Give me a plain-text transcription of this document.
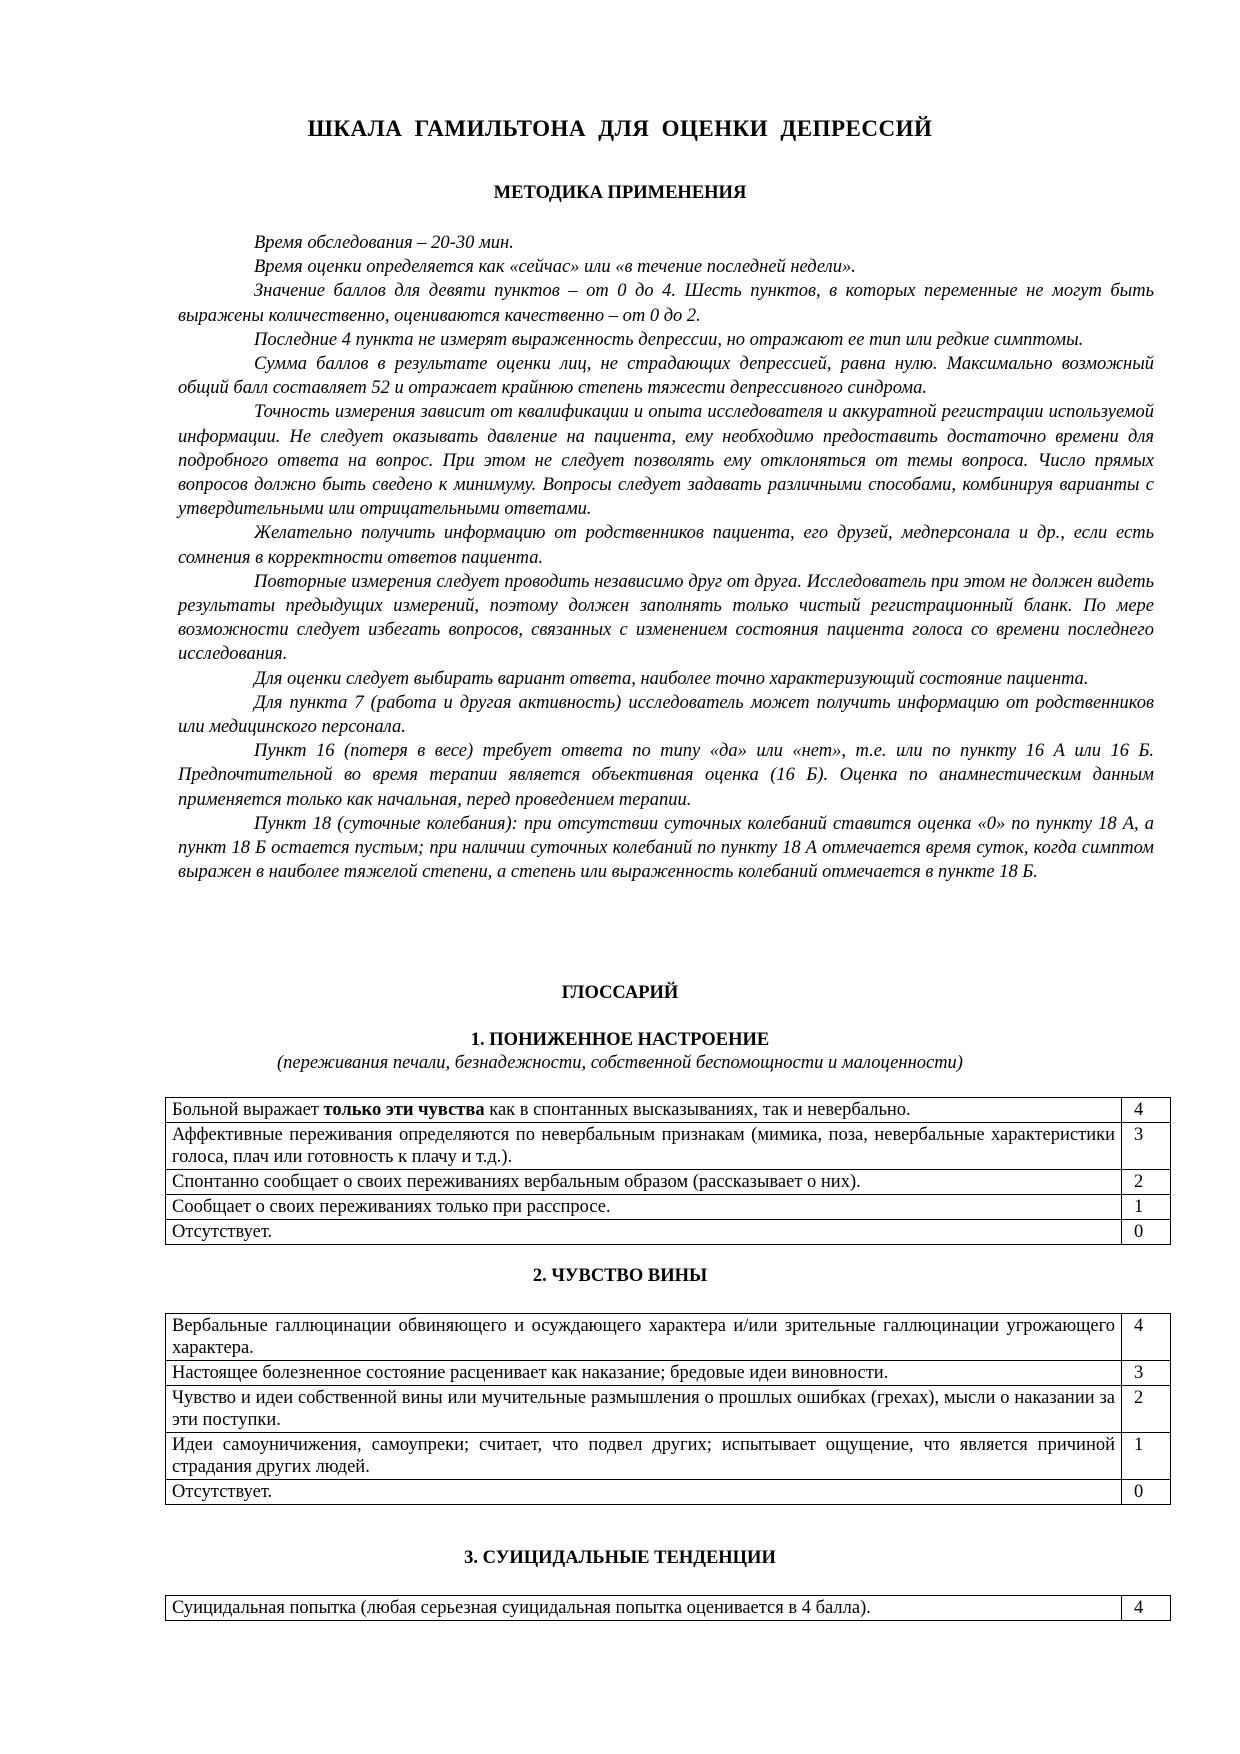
ШКАЛА ГАМИЛЬТОНА ДЛЯ ОЦЕНКИ ДЕПРЕССИЙ
МЕТОДИКА ПРИМЕНЕНИЯ

Время обследования – 20-30 мин.

Время оценки определяется как «сейчас» или «в течение последней недели».

Значение баллов для девяти пунктов – от 0 до 4. Шесть пунктов, в которых переменные не могут быть выражены количественно, оцениваются качественно – от 0 до 2.

Последние 4 пункта не измерят выраженность депрессии, но отражают ее тип или редкие симптомы.

Сумма баллов в результате оценки лиц, не страдающих депрессией, равна нулю. Максимально возможный общий балл составляет 52 и отражает крайнюю степень тяжести депрессивного синдрома.

Точность измерения зависит от квалификации и опыта исследователя и аккуратной регистрации используемой информации. Не следует оказывать давление на пациента, ему необходимо предоставить достаточно времени для подробного ответа на вопрос. При этом не следует позволять ему отклоняться от темы вопроса. Число прямых вопросов должно быть сведено к минимуму. Вопросы следует задавать различными способами, комбинируя варианты с утвердительными или отрицательными ответами.

Желательно получить информацию от родственников пациента, его друзей, медперсонала и др., если есть сомнения в корректности ответов пациента.

Повторные измерения следует проводить независимо друг от друга. Исследователь при этом не должен видеть результаты предыдущих измерений, поэтому должен заполнять только чистый регистрационный бланк. По мере возможности следует избегать вопросов, связанных с изменением состояния пациента голоса со времени последнего исследования.

Для оценки следует выбирать вариант ответа, наиболее точно характеризующий состояние пациента.

Для пункта 7 (работа и другая активность) исследователь может получить информацию от родственников или медицинского персонала.

Пункт 16 (потеря в весе) требует ответа по типу «да» или «нет», т.е. или по пункту 16 А или 16 Б. Предпочтительной во время терапии является объективная оценка (16 Б). Оценка по анамнестическим данным применяется только как начальная, перед проведением терапии.

Пункт 18 (суточные колебания): при отсутствии суточных колебаний ставится оценка «0» по пункту 18 А, а пункт 18 Б остается пустым; при наличии суточных колебаний по пункту 18 А отмечается время суток, когда симптом выражен в наиболее тяжелой степени, а степень или выраженность колебаний отмечается в пункте 18 Б.

ГЛОССАРИЙ
1. ПОНИЖЕННОЕ НАСТРОЕНИЕ
(переживания печали, безнадежности, собственной беспомощности и малоценности)
Больной выражает только эти чувства как в спонтанных высказываниях, так и невербально.	4
Аффективные переживания определяются по невербальным признакам (мимика, поза, невербальные характеристики голоса, плач или готовность к плачу и т.д.).	3
Спонтанно сообщает о своих переживаниях вербальным образом (рассказывает о них).	2
Сообщает о своих переживаниях только при расспросе.	1
Отсутствует.	0
2. ЧУВСТВО ВИНЫ
Вербальные галлюцинации обвиняющего и осуждающего характера и/или зрительные галлюцинации угрожающего характера.	4
Настоящее болезненное состояние расценивает как наказание; бредовые идеи виновности.	3
Чувство и идеи собственной вины или мучительные размышления о прошлых ошибках (грехах), мысли о наказании за эти поступки.	2
Идеи самоуничижения, самоупреки; считает, что подвел других; испытывает ощущение, что является причиной страдания других людей.	1
Отсутствует.	0
3. СУИЦИДАЛЬНЫЕ ТЕНДЕНЦИИ
Суицидальная попытка (любая серьезная суицидальная попытка оценивается в 4 балла).	4
